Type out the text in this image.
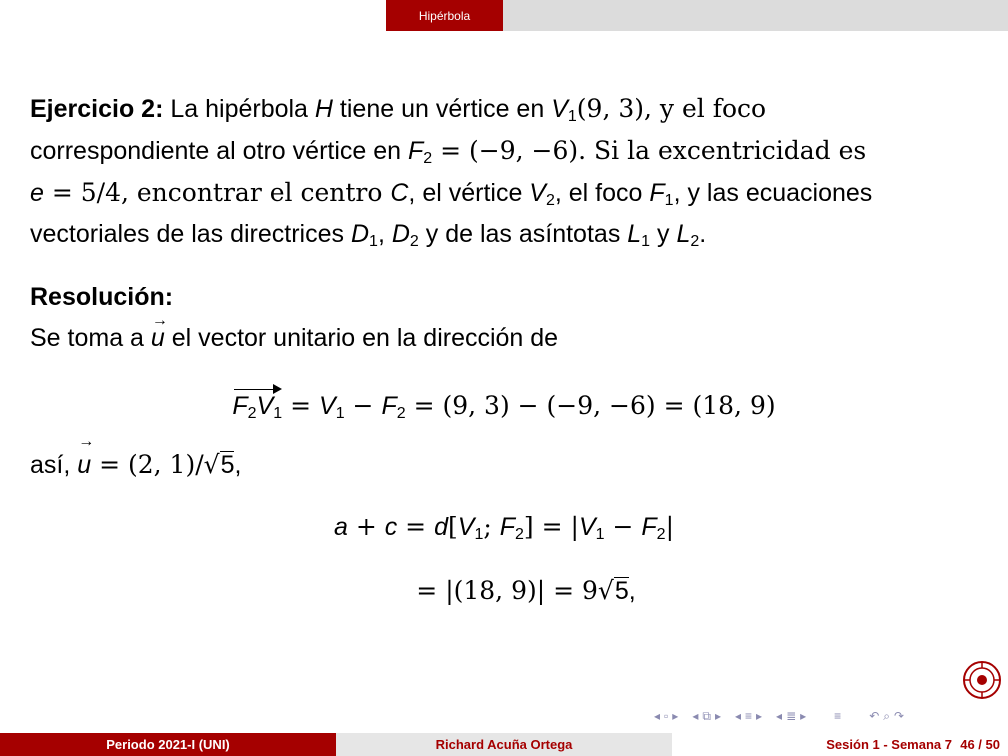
Hipérbola

Ejercicio 2: La hipérbola H tiene un vértice en $V_1(9$, 3), y el foco
correspondiente al otro vértice en $F_2 = (-9$, −6). Si la excentricidad es
e = 5/4, encontrar el centro C, el vértice $V_2$, el foco $F_1$, y las ecuaciones
vectoriales de las directrices $D_1$, $D_2$ y de las asíntotas $L_1$ y $L_2$.

Resolución:
Se toma a → u el vector unitario en la dirección de

$F_2V_1 = V_1 - F_2 = (9$, 3) − (−9, −6) = (18, 9)
así, → u = (2, 1)/√5,
$a + c = d[V_1$; $F_2] = |V_1 - F_2|$
= |(18, 9)| = 9√5,
◂ ▫ ▸ ◂ ⧉ ▸ ◂ ≡ ▸ ◂ ≣ ▸ ≡ ↶ ⌕ ↷
Periodo 2021-I (UNI)	Richard Acuña Ortega	Sesión 1 - Semana 7 46 / 50
